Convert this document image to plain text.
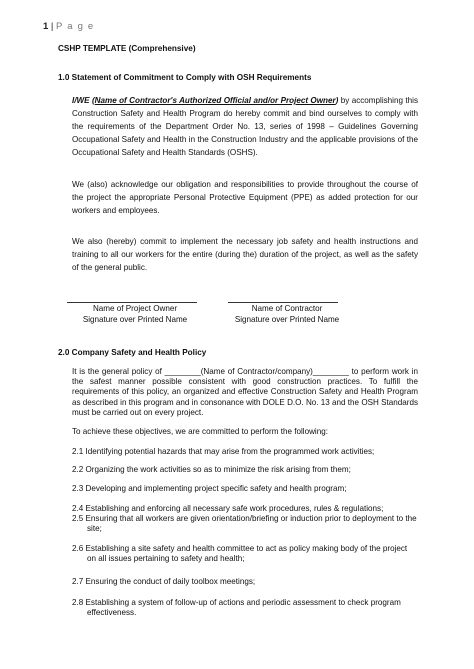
1 | P a g e
CSHP TEMPLATE (Comprehensive)
1.0 Statement of Commitment to Comply with OSH Requirements

I/WE (Name of Contractor's Authorized Official and/or Project Owner) by accomplishing this Construction Safety and Health Program do hereby commit and bind ourselves to comply with the requirements of the Department Order No. 13, series of 1998 – Guidelines Governing Occupational Safety and Health in the Construction Industry and the applicable provisions of the Occupational Safety and Health Standards (OSHS).

We (also) acknowledge our obligation and responsibilities to provide throughout the course of the project the appropriate Personal Protective Equipment (PPE) as added protection for our workers and employees.

We also (hereby) commit to implement the necessary job safety and health instructions and training to all our workers for the entire (during the) duration of the project, as well as the safety of the general public.

Name of Project Owner
Signature over Printed Name
Name of Contractor
Signature over Printed Name
2.0 Company Safety and Health Policy

It is the general policy of ________(Name of Contractor/company)________ to perform work in the safest manner possible consistent with good construction practices. To fulfill the requirements of this policy, an organized and effective Construction Safety and Health Program as described in this program and in consonance with DOLE D.O. No. 13 and the OSH Standards must be carried out on every project.

To achieve these objectives, we are committed to perform the following:

2.1 Identifying potential hazards that may arise from the programmed work activities;
2.2 Organizing the work activities so as to minimize the risk arising from them;
2.3 Developing and implementing project specific safety and health program;
2.4 Establishing and enforcing all necessary safe work procedures, rules & regulations;
2.5 Ensuring that all workers are given orientation/briefing or induction prior to deployment to the site;
2.6 Establishing a site safety and health committee to act as policy making body of the project on all issues pertaining to safety and health;
2.7 Ensuring the conduct of daily toolbox meetings;
2.8 Establishing a system of follow-up of actions and periodic assessment to check program effectiveness.
